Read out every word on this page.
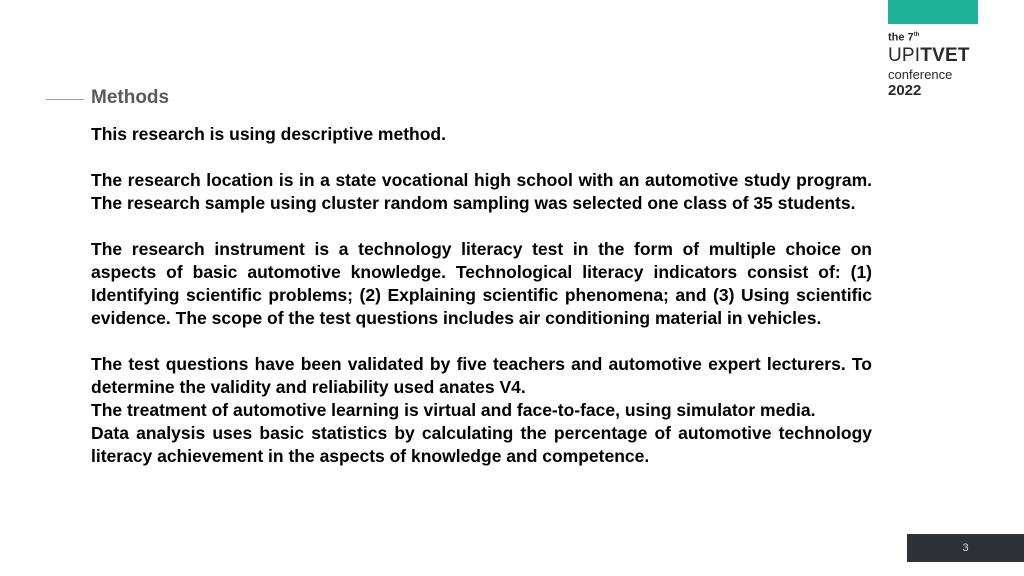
the 7th
UPITVET
conference
2022
Methods

This research is using descriptive method.

The research location is in a state vocational high school with an automotive study program. The research sample using cluster random sampling was selected one class of 35 students.

The research instrument is a technology literacy test in the form of multiple choice on aspects of basic automotive knowledge. Technological literacy indicators consist of: (1) Identifying scientific problems; (2) Explaining scientific phenomena; and (3) Using scientific evidence. The scope of the test questions includes air conditioning material in vehicles.

The test questions have been validated by five teachers and automotive expert lecturers. To determine the validity and reliability used anates V4.

The treatment of automotive learning is virtual and face-to-face, using simulator media.

Data analysis uses basic statistics by calculating the percentage of automotive technology literacy achievement in the aspects of knowledge and competence.

3
